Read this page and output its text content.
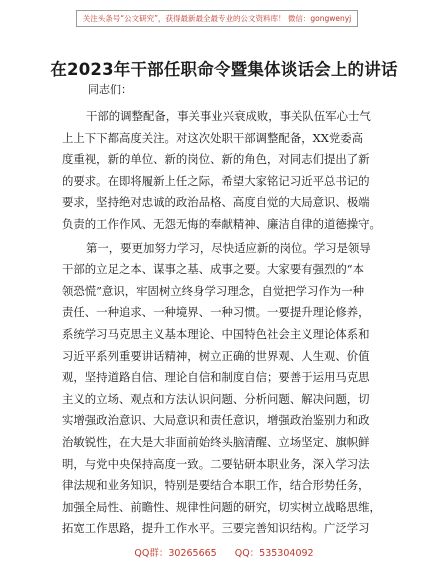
关注头条号“公文研究”，获得最新最全最专业的公文资料库！ 微信：gongwenyj
在2023年干部任职命令暨集体谈话会上的讲话
同志们：
干部的调整配备，事关事业兴衰成败，事关队伍军心士气
上上下下都高度关注。对这次处职干部调整配备，XX党委高
度重视，新的单位、新的岗位、新的角色，对同志们提出了新
的要求。在即将履新上任之际，希望大家铭记习近平总书记的
要求，坚持绝对忠诚的政治品格、高度自觉的大局意识、极端
负责的工作作风、无怨无悔的奉献精神、廉洁自律的道德操守。
第一，要更加努力学习，尽快适应新的岗位。学习是领导
干部的立足之本、谋事之基、成事之要。大家要有强烈的“本
领恐慌”意识，牢固树立终身学习理念，自觉把学习作为一种
责任、一种追求、一种境界、一种习惯。一要提升理论修养，
系统学习马克思主义基本理论、中国特色社会主义理论体系和
习近平系列重要讲话精神，树立正确的世界观、人生观、价值
观，坚持道路自信、理论自信和制度自信；要善于运用马克思
主义的立场、观点和方法认识问题、分析问题、解决问题，切
实增强政治意识、大局意识和责任意识，增强政治鉴别力和政
治敏锐性，在大是大非面前始终头脑清醒、立场坚定、旗帜鲜
明，与党中央保持高度一致。二要钻研本职业务，深入学习法
律法规和业务知识，特别是要结合本职工作，结合形势任务，
加强全局性、前瞻性、规律性问题的研究，切实树立战略思维，
拓宽工作思路，提升工作水平。三要完善知识结构。广泛学习
QQ群：30265665 QQ：535304092
